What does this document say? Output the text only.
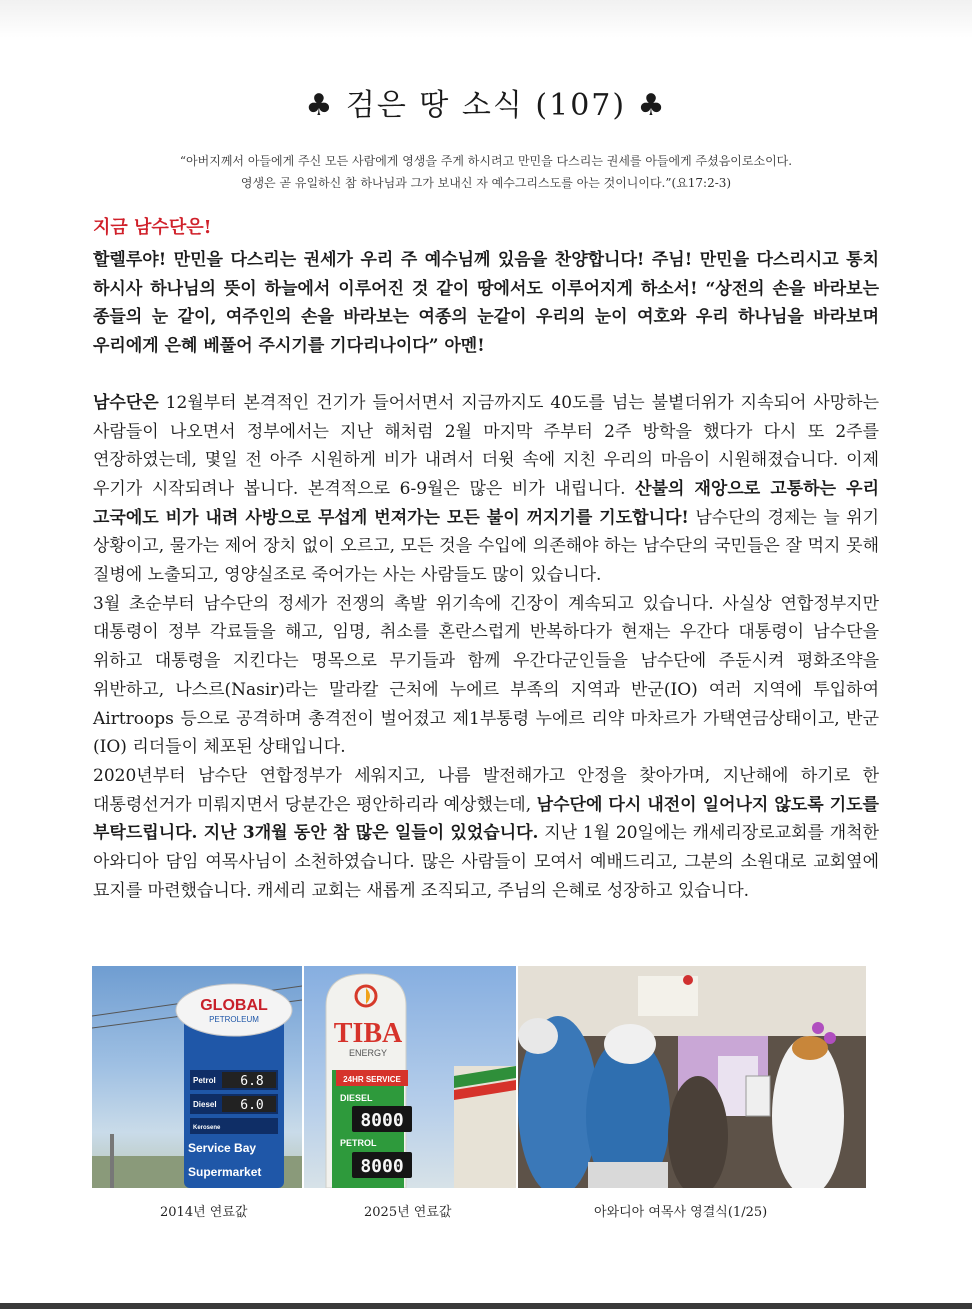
♣ 검은 땅 소식 (107) ♣
“아버지께서 아들에게 주신 모든 사람에게 영생을 주게 하시려고 만민을 다스리는 권세를 아들에게 주셨음이로소이다.
영생은 곧 유일하신 참 하나님과 그가 보내신 자 예수그리스도를 아는 것이니이다.”(요17:2-3)
지금 남수단은!

할렐루야! 만민을 다스리는 권세가 우리 주 예수님께 있음을 찬양합니다! 주님! 만민을 다스리시고 통치 하시사 하나님의 뜻이 하늘에서 이루어진 것 같이 땅에서도 이루어지게 하소서! “상전의 손을 바라보는 종들의 눈 같이, 여주인의 손을 바라보는 여종의 눈같이 우리의 눈이 여호와 우리 하나님을 바라보며 우리에게 은혜 베풀어 주시기를 기다리나이다” 아멘!

남수단은 12월부터 본격적인 건기가 들어서면서 지금까지도 40도를 넘는 불볕더위가 지속되어 사망하는 사람들이 나오면서 정부에서는 지난 해처럼 2월 마지막 주부터 2주 방학을 했다가 다시 또 2주를 연장하였는데, 몇일 전 아주 시원하게 비가 내려서 더윗 속에 지친 우리의 마음이 시원해졌습니다. 이제 우기가 시작되려나 봅니다. 본격적으로 6-9월은 많은 비가 내립니다. 산불의 재앙으로 고통하는 우리 고국에도 비가 내려 사방으로 무섭게 번져가는 모든 불이 꺼지기를 기도합니다! 남수단의 경제는 늘 위기 상황이고, 물가는 제어 장치 없이 오르고, 모든 것을 수입에 의존해야 하는 남수단의 국민들은 잘 먹지 못해 질병에 노출되고, 영양실조로 죽어가는 사는 사람들도 많이 있습니다.

3월 초순부터 남수단의 정세가 전쟁의 촉발 위기속에 긴장이 계속되고 있습니다. 사실상 연합정부지만 대통령이 정부 각료들을 해고, 임명, 취소를 혼란스럽게 반복하다가 현재는 우간다 대통령이 남수단을 위하고 대통령을 지킨다는 명목으로 무기들과 함께 우간다군인들을 남수단에 주둔시켜 평화조약을 위반하고, 나스르(Nasir)라는 말라칼 근처에 누에르 부족의 지역과 반군(IO) 여러 지역에 투입하여 Airtroops 등으로 공격하며 총격전이 벌어졌고 제1부통령 누에르 리약 마차르가 가택연금상태이고, 반군(IO) 리더들이 체포된 상태입니다.

2020년부터 남수단 연합정부가 세워지고, 나름 발전해가고 안정을 찾아가며, 지난해에 하기로 한 대통령선거가 미뤄지면서 당분간은 평안하리라 예상했는데, 남수단에 다시 내전이 일어나지 않도록 기도를 부탁드립니다. 지난 3개월 동안 참 많은 일들이 있었습니다. 지난 1월 20일에는 캐세리장로교회를 개척한 아와디아 담임 여목사님이 소천하였습니다. 많은 사람들이 모여서 예배드리고, 그분의 소원대로 교회옆에 묘지를 마련했습니다. 캐세리 교회는 새롭게 조직되고, 주님의 은혜로 성장하고 있습니다.

GLOBAL
PETROLEUM
Petrol 6.8
Diesel 6.0
Kerosene
Service Bay
Supermarket
TIBA
ENERGY
24HR SERVICE
DIESEL
8000
PETROL
8000
2014년 연료값	2025년 연료값	아와디아 여목사 영결식(1/25)
